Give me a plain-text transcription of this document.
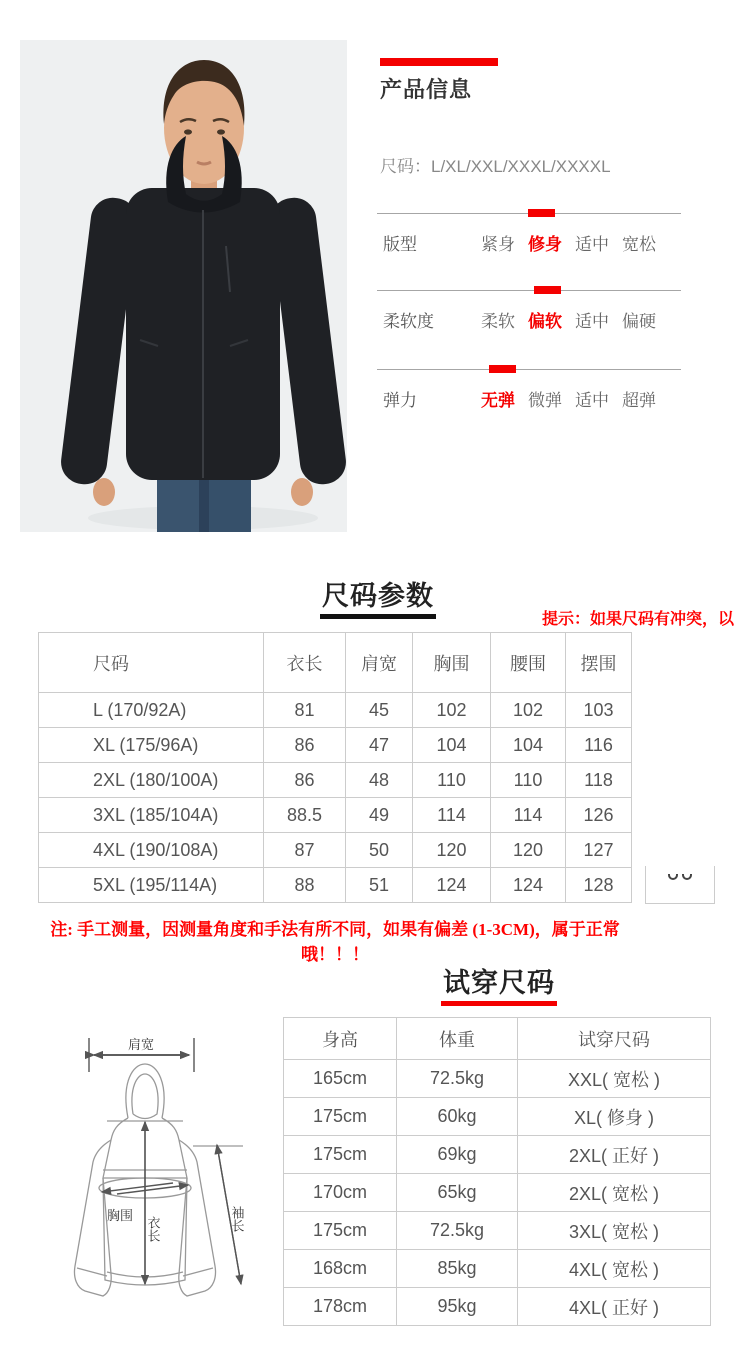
产品信息
尺码：L/XL/XXL/XXXL/XXXXL
版型	紧身 修身 适中 宽松
柔软度	柔软 偏软 适中 偏硬
弹力	无弹 微弹 适中 超弹
尺码参数
提示：如果尺码有冲突，以
尺码	衣长	肩宽	胸围	腰围	摆围
L (170/92A)	81	45	102	102	103
XL (175/96A)	86	47	104	104	116
2XL (180/100A)	86	48	110	110	118
3XL (185/104A)	88.5	49	114	114	126
4XL (190/108A)	87	50	120	120	127
5XL (195/114A)	88	51	124	124	128
注: 手工测量，因测量角度和手法有所不同，如果有偏差 (1-3CM)，属于正常哦！！！
试穿尺码
肩宽
胸围
衣长	袖长
身高	体重	试穿尺码
165cm	72.5kg	XXL( 宽松 )
175cm	60kg	XL( 修身 )
175cm	69kg	2XL( 正好 )
170cm	65kg	2XL( 宽松 )
175cm	72.5kg	3XL( 宽松 )
168cm	85kg	4XL( 宽松 )
178cm	95kg	4XL( 正好 )
